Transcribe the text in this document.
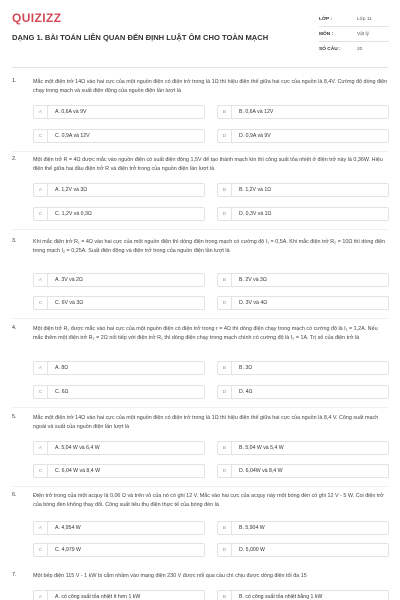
QUIZIZZ
DẠNG 1. BÀI TOÁN LIÊN QUAN ĐẾN ĐỊNH LUẬT ÔM CHO TOÀN MẠCH
LỚP :	Lớp 11
MÔN :	Vật lý
SỐ CÂU :	20
1.	Mắc một điện trở 14Ω vào hai cực của một nguồn điện có điện trở trong là 1Ω thì hiệu điện thế giữa hai cực của nguồn là 8,4V. Cường độ dòng điện chạy trong mạch và suất điện động của nguồn điện lần lượt là
A	A. 0,6A và 9V	B	B. 0,6A và 12V
C	C. 0,9A và 12V	D	D. 0,9A và 9V
2.	Một điện trở R = 4Ω được mắc vào nguồn điện có suất điện động 1,5V để tạo thành mạch kín thì công suất tỏa nhiệt ở điện trở này là 0,36W. Hiệu điện thế giữa hai đầu điện trở R và điện trở trong của nguồn điện lần lượt là
A	A. 1,2V và 3Ω	B	B. 1,2V và 1Ω
C	C. 1,2V và 0,3Ω	D	D. 0,3V và 1Ω
3.	Khi mắc điện trở R₁ = 4Ω vào hai cực của một nguồn điện thì dòng điện trong mạch có cường độ I₁ = 0,5A. Khi mắc điện trở R₂ = 10Ω thì dòng điện trong mạch I₂ = 0,25A. Suất điện động và điện trở trong của nguồn điện lần lượt là
A	A. 3V và 2Ω	B	B. 2V và 3Ω
C	C. 6V và 3Ω	D	D. 3V và 4Ω
4.	Một điện trở R₁ được mắc vào hai cực của một nguồn điện có điện trở trong r = 4Ω thì dòng điện chạy trong mạch có cường độ là I₁ = 1,2A. Nếu mắc thêm một điện trở R₂ = 2Ω nối tiếp với điện trở R₁ thì dòng điện chạy trong mạch chính có cường độ là I₂ = 1A. Trị số của điện trở là
A	A. 8Ω	B	B. 3Ω
C	C. 6Ω	D	D. 4Ω
5.	Mắc một điện trở 14Ω vào hai cực của một nguồn điện có điện trở trong là 1Ω thì hiệu điện thế giữa hai cực của nguồn là 8,4 V. Công suất mạch ngoài và suất của nguồn điện lần lượt là
A	A. 5,04 W và 6,4 W	B	B. 5,04 W và 5,4 W
C	C. 6,04 W và 8,4 W	D	D. 6,04W và 8,4 W
6.	Điện trở trong của một acquy là 0,06 Ω và trên vỏ của nó có ghi 12 V. Mắc vào hai cực của acquy này một bóng đèn có ghi 12 V - 5 W. Coi điện trở của bóng đèn không thay đổi. Công suất tiêu thụ điện thực tế của bóng đèn là
A	A. 4,954 W	B	B. 5,904 W
C	C. 4,979 W	D	D. 5,000 W
7.	Một bếp điện 115 V - 1 kW bị cắm nhầm vào mạng điện 230 V được nối qua cầu chì chịu được dòng điện tối đa 15
A	A. có công suất tỏa nhiệt ít hơn 1 kW	B	B. có công suất tỏa nhiệt bằng 1 kW
